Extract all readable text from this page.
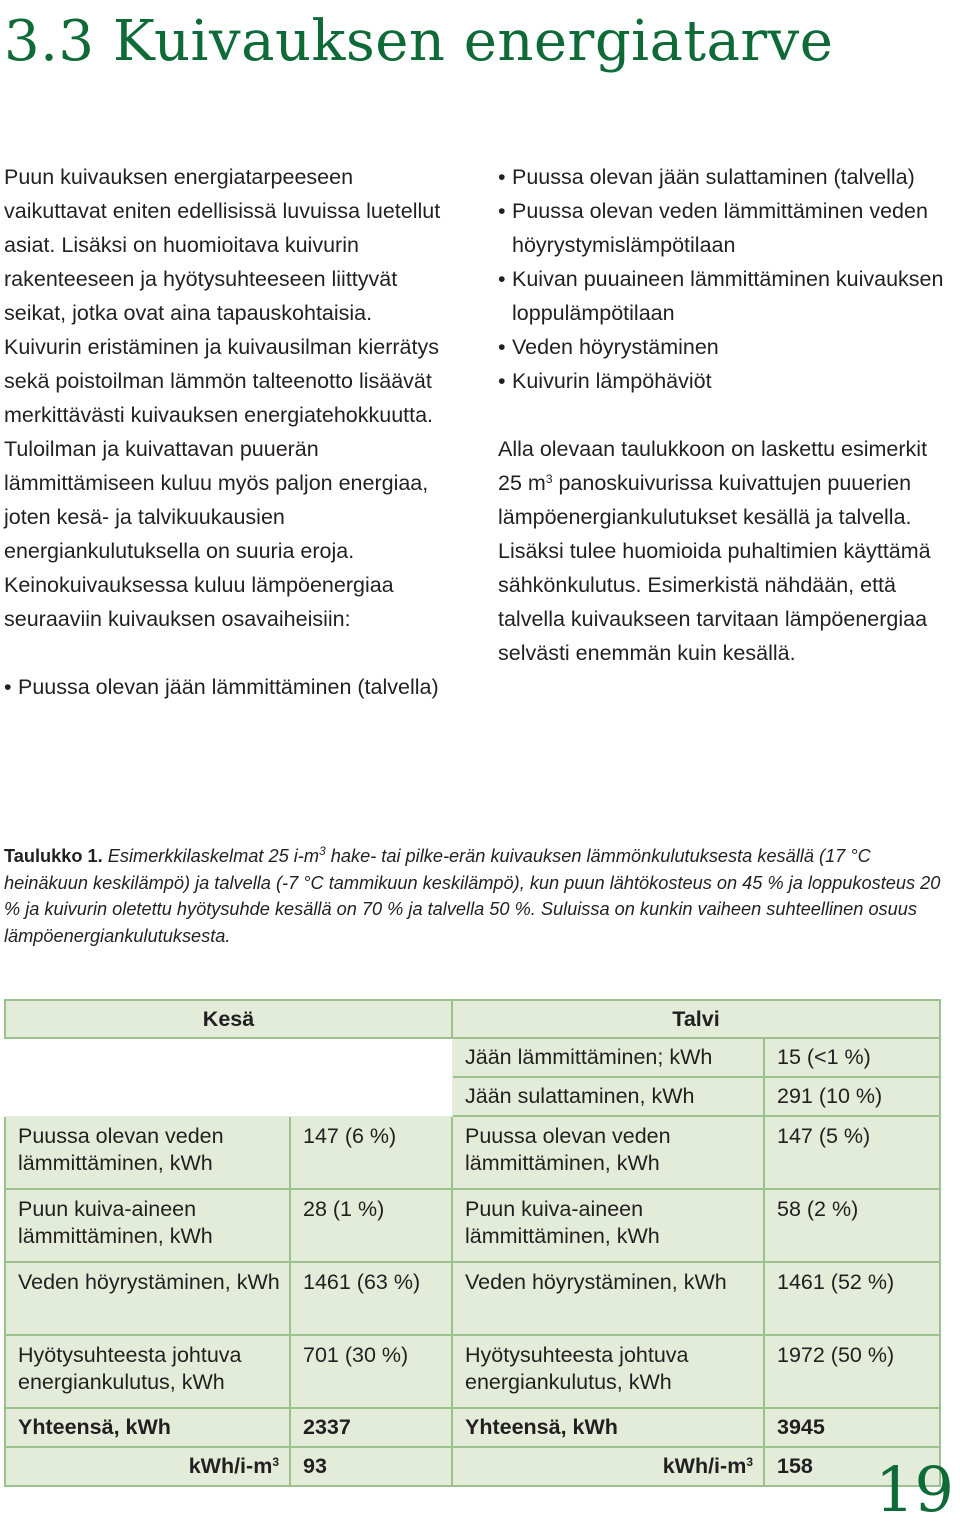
3.3 Kuivauksen energiatarve

Puun kuivauksen energiatarpeeseen vaikuttavat eniten edellisissä luvuissa luetellut asiat. Lisäksi on huomioitava kuivurin rakenteeseen ja hyötysuhteeseen liittyvät seikat, jotka ovat aina tapauskohtaisia. Kuivurin eristäminen ja kuivausilman kierrätys sekä poistoilman lämmön talteenotto lisäävät merkittävästi kuivauksen energiatehokkuutta. Tuloilman ja kuivattavan puuerän lämmittämiseen kuluu myös paljon energiaa, joten kesä- ja talvikuukausien energiankulutuksella on suuria eroja. Keinokuivauksessa kuluu lämpöenergiaa seuraaviin kuivauksen osavaiheisiin:

• Puussa olevan jään lämmittäminen (talvella)
• Puussa olevan jään sulattaminen (talvella)
• Puussa olevan veden lämmittäminen veden höyrystymislämpötilaan
• Kuivan puuaineen lämmittäminen kuivauksen loppulämpötilaan
• Veden höyrystäminen
• Kuivurin lämpöhäviöt

Alla olevaan taulukkoon on laskettu esimerkit 25 $m^3$ panoskuivurissa kuivattujen puuerien lämpöenergiankulutukset kesällä ja talvella. Lisäksi tulee huomioida puhaltimien käyttämä sähkönkulutus. Esimerkistä nähdään, että talvella kuivaukseen tarvitaan lämpöenergiaa selvästi enemmän kuin kesällä.

Taulukko 1. Esimerkkilaskelmat 25 $i-m^3$ hake- tai pilke-erän kuivauksen lämmönkulutuksesta kesällä (17 °C heinäkuun keskilämpö) ja talvella (-7 °C tammikuun keskilämpö), kun puun lähtökosteus on 45 % ja loppukosteus 20 % ja kuivurin oletettu hyötysuhde kesällä on 70 % ja talvella 50 %. Suluissa on kunkin vaiheen suhteellinen osuus lämpöenergiankulutuksesta.

Kesä		Talvi	
		Jään lämmittäminen; kWh	15 (<1 %)
		Jään sulattaminen, kWh	291 (10 %)
Puussa olevan veden lämmittäminen, kWh	147 (6 %)	Puussa olevan veden lämmittäminen, kWh	147 (5 %)
Puun kuiva-aineen lämmittäminen, kWh	28 (1 %)	Puun kuiva-aineen lämmittäminen, kWh	58 (2 %)
Veden höyrystäminen, kWh	1461 (63 %)	Veden höyrystäminen, kWh	1461 (52 %)
Hyötysuhteesta johtuva energiankulutus, kWh	701 (30 %)	Hyötysuhteesta johtuva energiankulutus, kWh	1972 (50 %)
Yhteensä, kWh	2337	Yhteensä, kWh	3945
kWh/$i-m^3$	93	kWh/$i-m^3$	158 19
